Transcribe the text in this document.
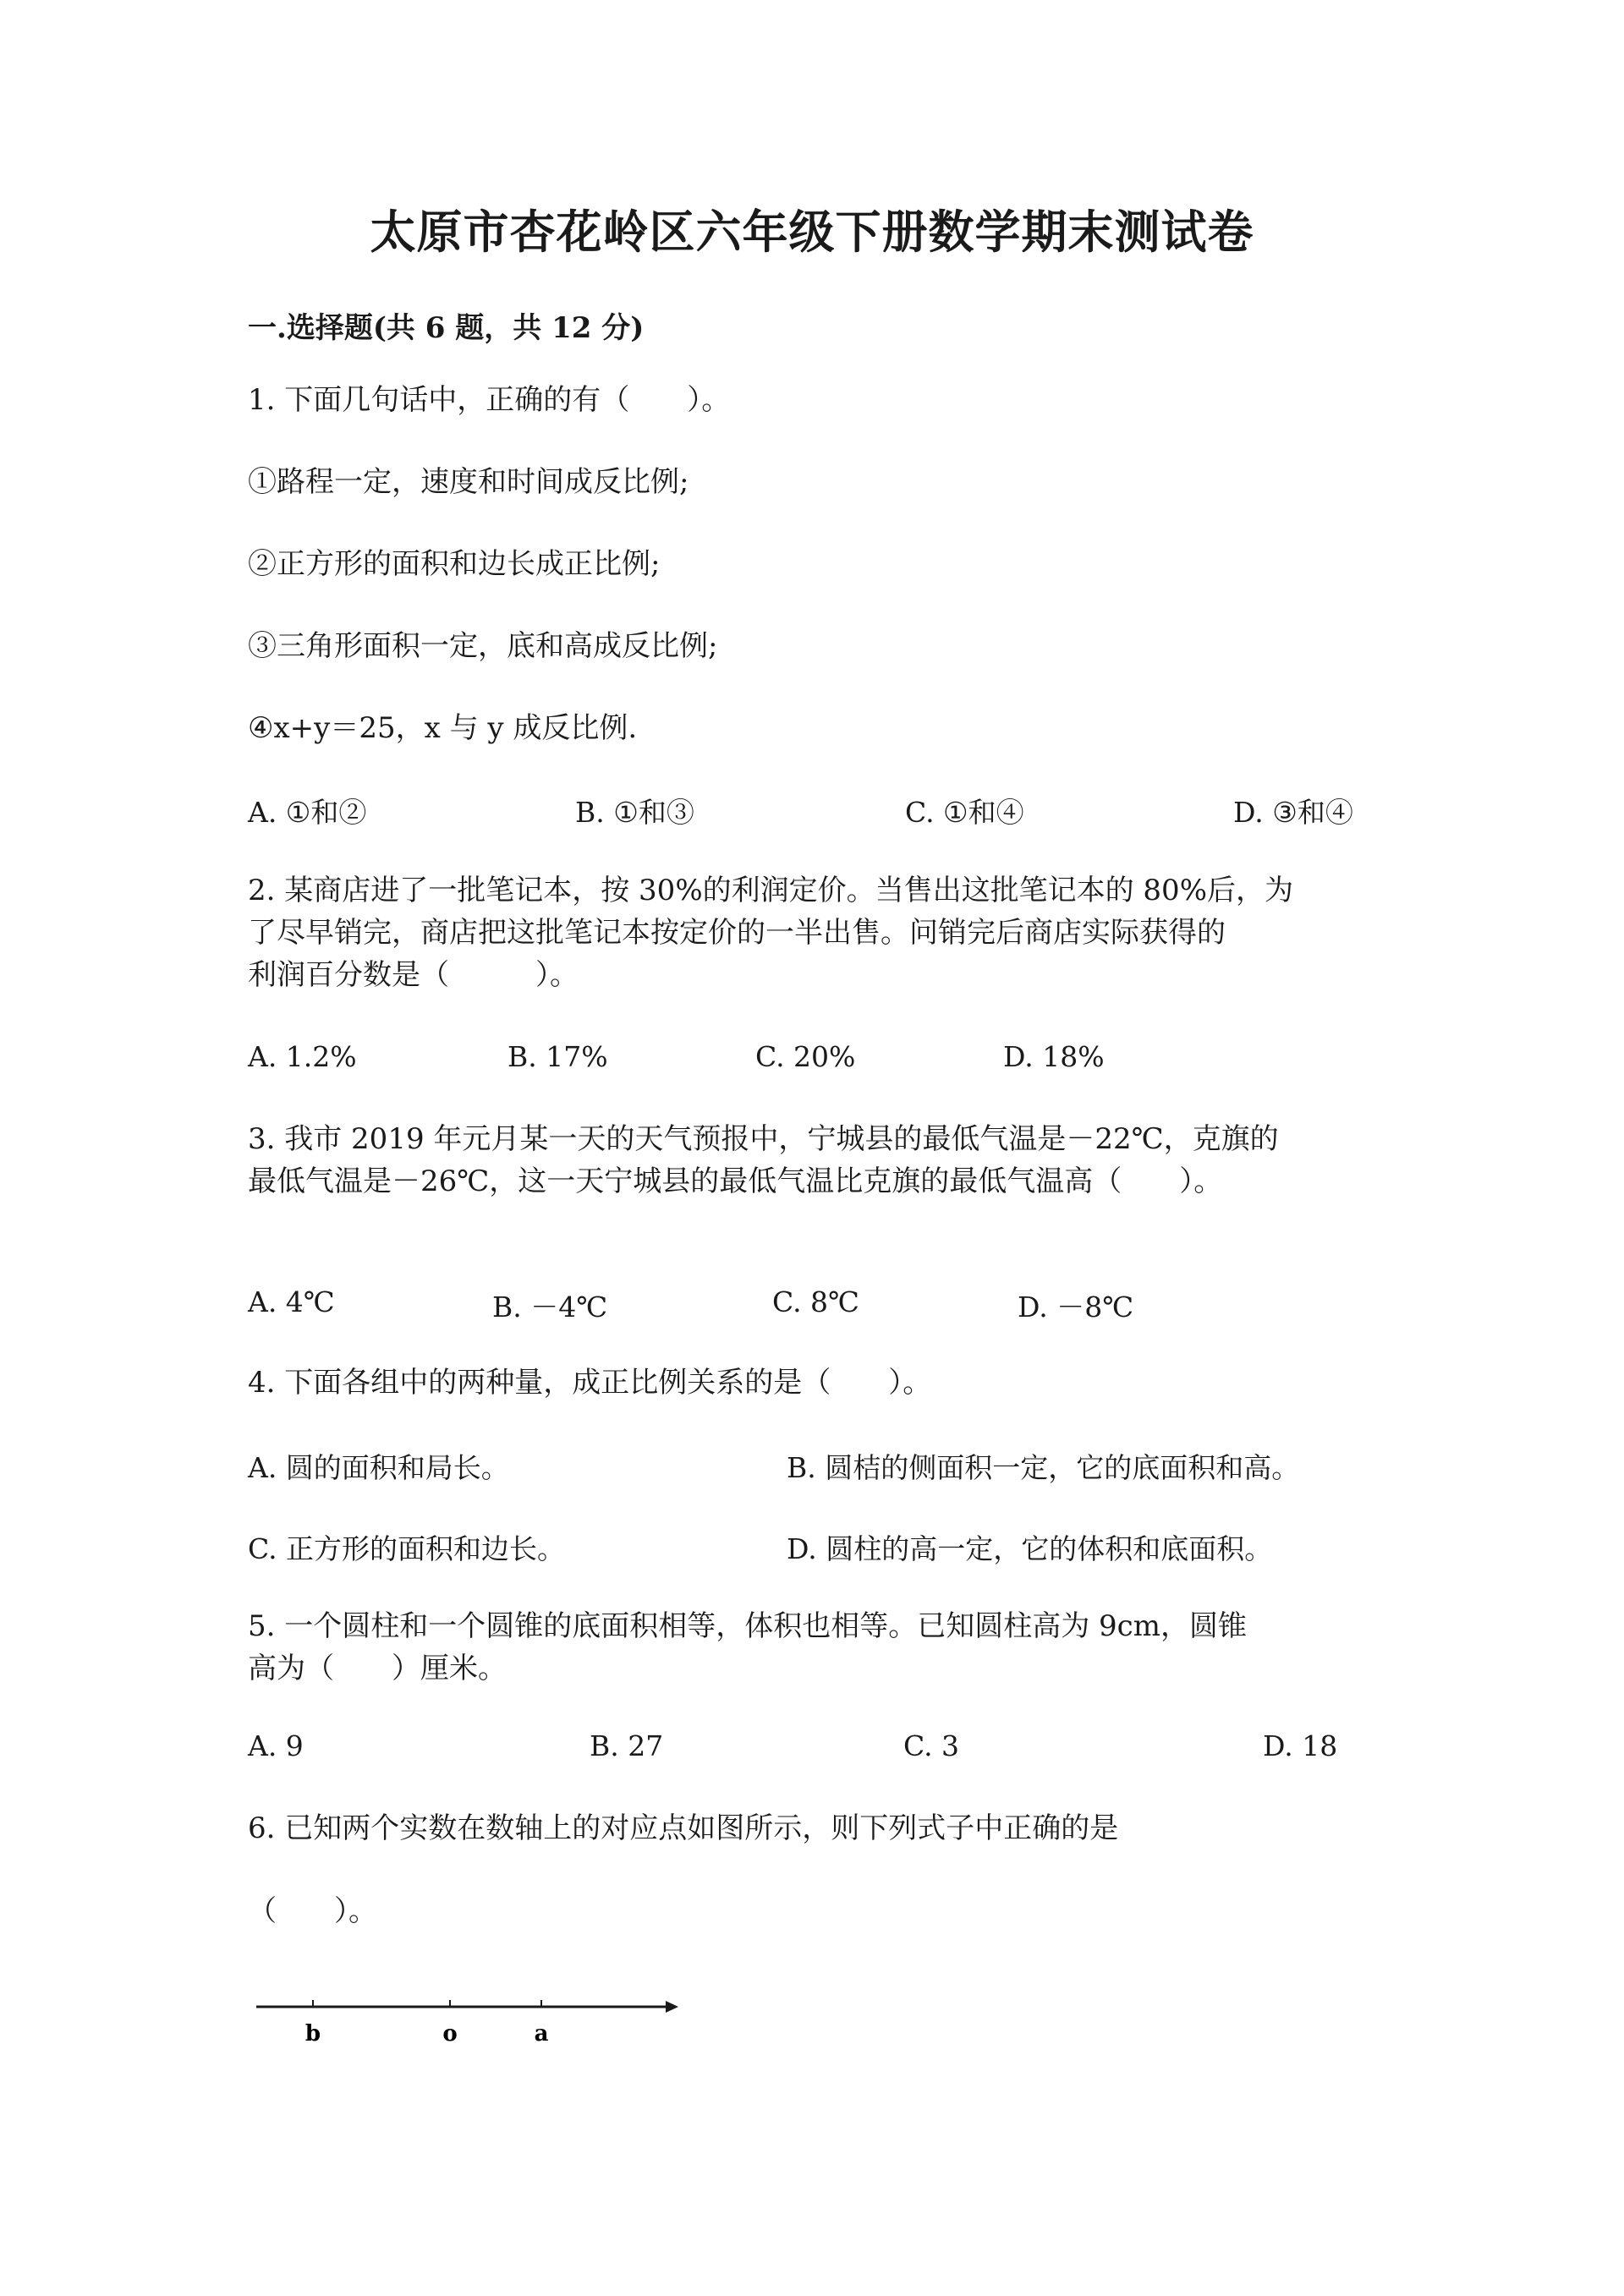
太原市杏花岭区六年级下册数学期末测试卷
一.选择题(共 6 题，共 12 分)
1. 下面几句话中，正确的有（　　）。
①路程一定，速度和时间成反比例;
②正方形的面积和边长成正比例;
③三角形面积一定，底和高成反比例;
④x+y＝25，x 与 y 成反比例.
A. ①和②	B. ①和③	C. ①和④	D. ③和④
2. 某商店进了一批笔记本，按 30%的利润定价。当售出这批笔记本的 80%后，为
了尽早销完，商店把这批笔记本按定价的一半出售。问销完后商店实际获得的
利润百分数是（　　　）。
A. 1.2%	B. 17%	C. 20%	D. 18%
3. 我市 2019 年元月某一天的天气预报中，宁城县的最低气温是－22℃，克旗的
最低气温是－26℃，这一天宁城县的最低气温比克旗的最低气温高（　　）。
A. 4℃	B. －4℃	C. 8℃	D. －8℃
4. 下面各组中的两种量，成正比例关系的是（　　）。
A. 圆的面积和局长。	B. 圆桔的侧面积一定，它的底面积和高。
C. 正方形的面积和边长。	D. 圆柱的高一定，它的体积和底面积。
5. 一个圆柱和一个圆锥的底面积相等，体积也相等。已知圆柱高为 9cm，圆锥
高为（　　）厘米。
A. 9	B. 27	C. 3	D. 18
6. 已知两个实数在数轴上的对应点如图所示，则下列式子中正确的是
（　　）。
b	o	a
